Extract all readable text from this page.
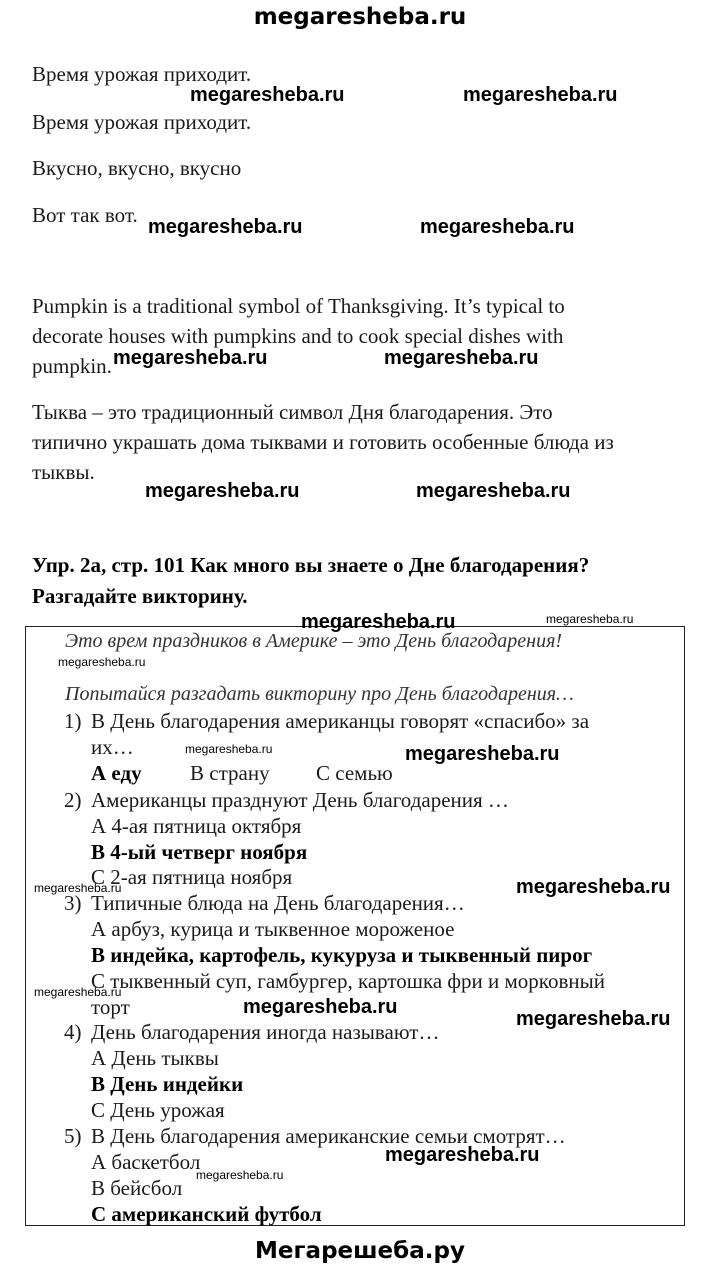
megaresheba.ru
Время урожая приходит.
Время урожая приходит.
Вкусно, вкусно, вкусно
Вот так вот.
Pumpkin is a traditional symbol of Thanksgiving. It’s typical to
decorate houses with pumpkins and to cook special dishes with
pumpkin.
Тыква – это традиционный символ Дня благодарения. Это
типично украшать дома тыквами и готовить особенные блюда из
тыквы.
Упр. 2а, стр. 101 Как много вы знаете о Дне благодарения?
Разгадайте викторину.
Это врем праздников в Америке – это День благодарения!
Попытайся разгадать викторину про День благодарения…
1) В День благодарения американцы говорят «спасибо» за
их…
А еду В страну С семью
2) Американцы празднуют День благодарения …
А 4-ая пятница октября
В 4-ый четверг ноября
С 2-ая пятница ноября
3) Типичные блюда на День благодарения…
А арбуз, курица и тыквенное мороженое
В индейка, картофель, кукуруза и тыквенный пирог
С тыквенный суп, гамбургер, картошка фри и морковный
торт
4) День благодарения иногда называют…
А День тыквы
В День индейки
С День урожая
5) В День благодарения американские семьи смотрят…
А баскетбол
В бейсбол
С американский футбол
megaresheba.ru	megaresheba.ru
megaresheba.ru	megaresheba.ru
megaresheba.ru	megaresheba.ru
megaresheba.ru	megaresheba.ru
megaresheba.ru
megaresheba.ru
megaresheba.ru
megaresheba.ru
megaresheba.ru
megaresheba.ru
megaresheba.ru
megaresheba.ru
megaresheba.ru
megaresheba.ru
megaresheba.ru
megaresheba.ru
Мегарешеба.ру
